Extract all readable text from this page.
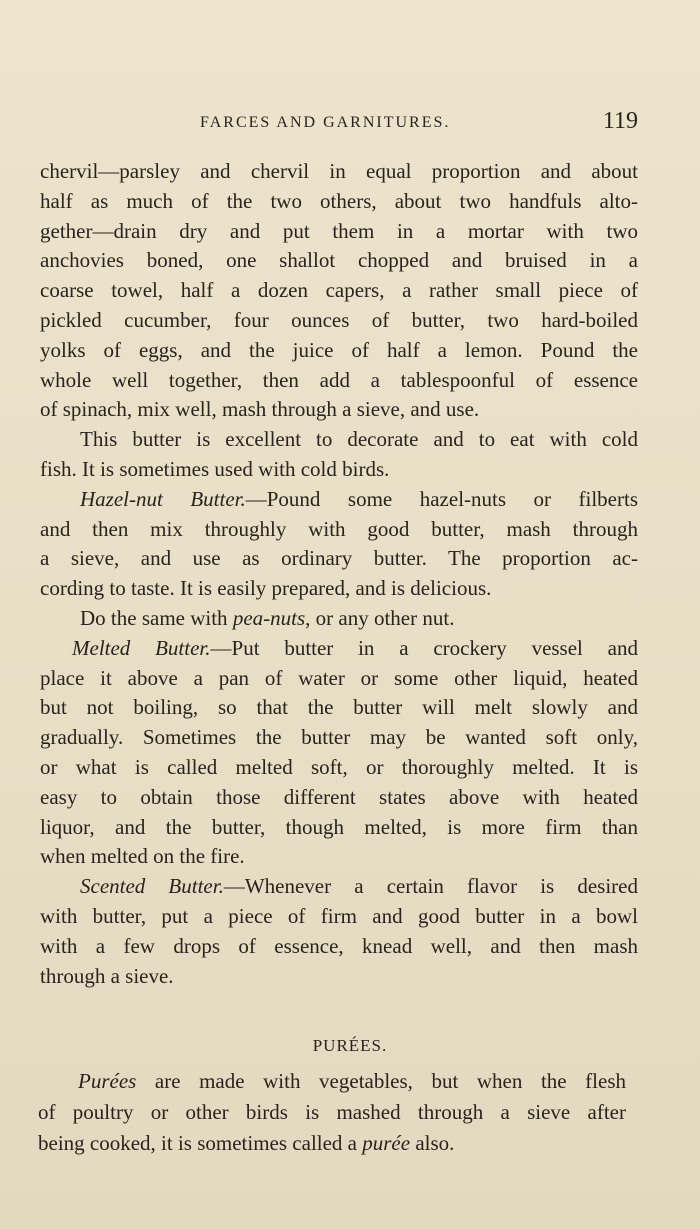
FARCES AND GARNITURES.	119
chervil—parsley and chervil in equal proportion and about
half as much of the two others, about two handfuls alto-
gether—drain dry and put them in a mortar with two
anchovies boned, one shallot chopped and bruised in a
coarse towel, half a dozen capers, a rather small piece of
pickled cucumber, four ounces of butter, two hard-boiled
yolks of eggs, and the juice of half a lemon. Pound the
whole well together, then add a tablespoonful of essence
of spinach, mix well, mash through a sieve, and use.
This butter is excellent to decorate and to eat with cold
fish. It is sometimes used with cold birds.
Hazel-nut Butter.—Pound some hazel-nuts or filberts
and then mix throughly with good butter, mash through
a sieve, and use as ordinary butter. The proportion ac-
cording to taste. It is easily prepared, and is delicious.
Do the same with pea-nuts, or any other nut.
Melted Butter.—Put butter in a crockery vessel and
place it above a pan of water or some other liquid, heated
but not boiling, so that the butter will melt slowly and
gradually. Sometimes the butter may be wanted soft only,
or what is called melted soft, or thoroughly melted. It is
easy to obtain those different states above with heated
liquor, and the butter, though melted, is more firm than
when melted on the fire.
Scented Butter.—Whenever a certain flavor is desired
with butter, put a piece of firm and good butter in a bowl
with a few drops of essence, knead well, and then mash
through a sieve.
PURÉES.
Purées are made with vegetables, but when the flesh
of poultry or other birds is mashed through a sieve after
being cooked, it is sometimes called a purée also.
